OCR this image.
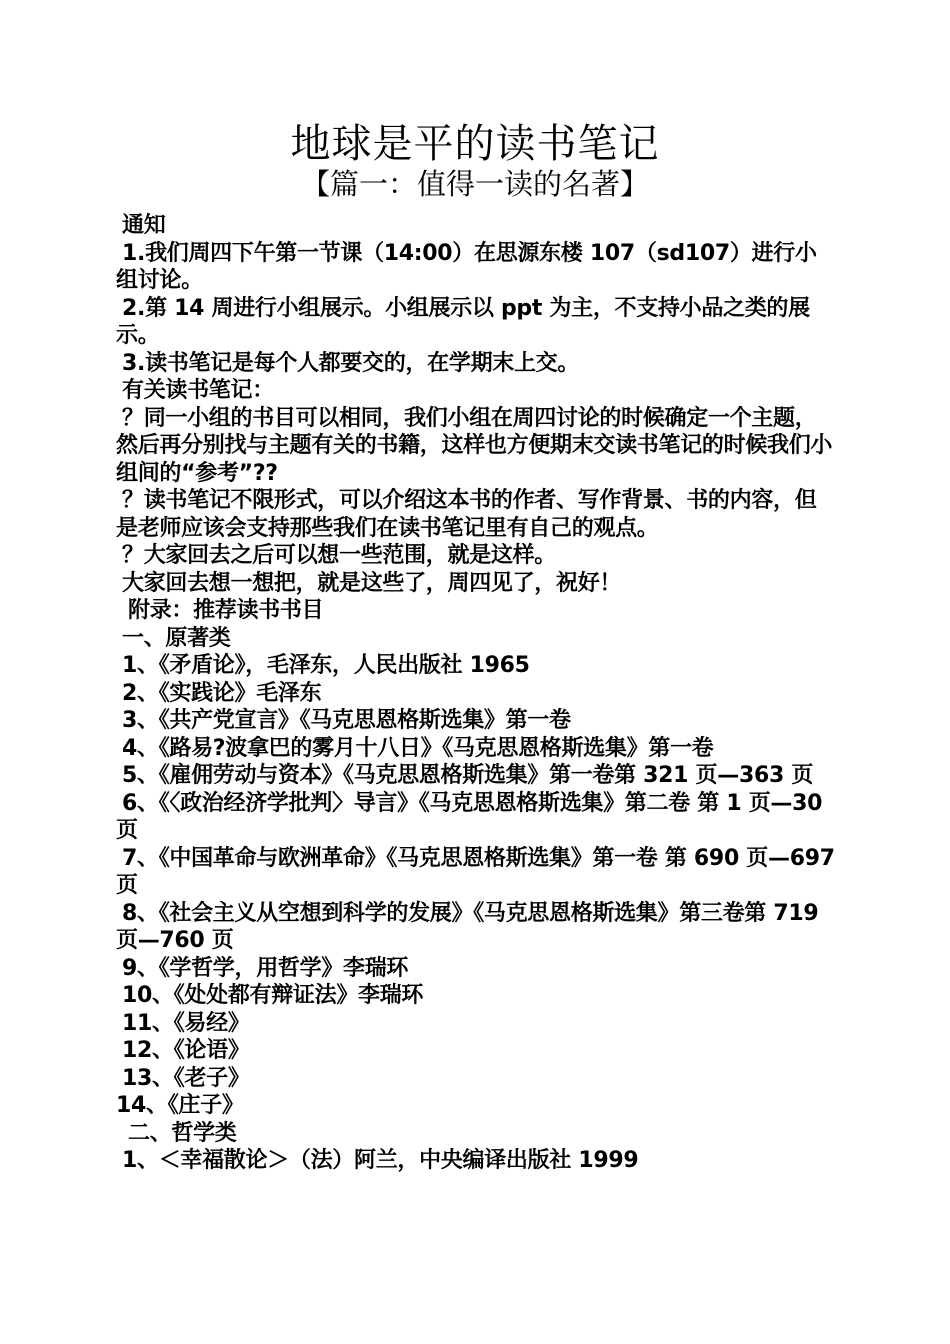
地球是平的读书笔记
【篇一：值得一读的名著】
通知
1.我们周四下午第一节课（14:00）在思源东楼 107（sd107）进行小组讨论。
2.第 14 周进行小组展示。小组展示以 ppt 为主，不支持小品之类的展示。
3.读书笔记是每个人都要交的，在学期末上交。
有关读书笔记：
？同一小组的书目可以相同，我们小组在周四讨论的时候确定一个主题，然后再分别找与主题有关的书籍，这样也方便期末交读书笔记的时候我们小组间的“参考”??
？读书笔记不限形式，可以介绍这本书的作者、写作背景、书的内容，但是老师应该会支持那些我们在读书笔记里有自己的观点。
？大家回去之后可以想一些范围，就是这样。
大家回去想一想把，就是这些了，周四见了，祝好！
附录：推荐读书书目
一、原著类
1、《矛盾论》，毛泽东，人民出版社 1965
2、《实践论》毛泽东
3、《共产党宣言》《马克思恩格斯选集》第一卷
4、《路易?波拿巴的雾月十八日》《马克思恩格斯选集》第一卷
5、《雇佣劳动与资本》《马克思恩格斯选集》第一卷第 321 页—363 页
6、《〈政治经济学批判〉导言》《马克思恩格斯选集》第二卷 第 1 页—30 页
7、《中国革命与欧洲革命》《马克思恩格斯选集》第一卷 第 690 页—697 页
8、《社会主义从空想到科学的发展》《马克思恩格斯选集》第三卷第 719 页—760 页
9、《学哲学，用哲学》李瑞环
10、《处处都有辩证法》李瑞环
11、《易经》
12、《论语》
13、《老子》
14、《庄子》
二、哲学类
1、＜幸福散论＞（法）阿兰，中央编译出版社 1999
